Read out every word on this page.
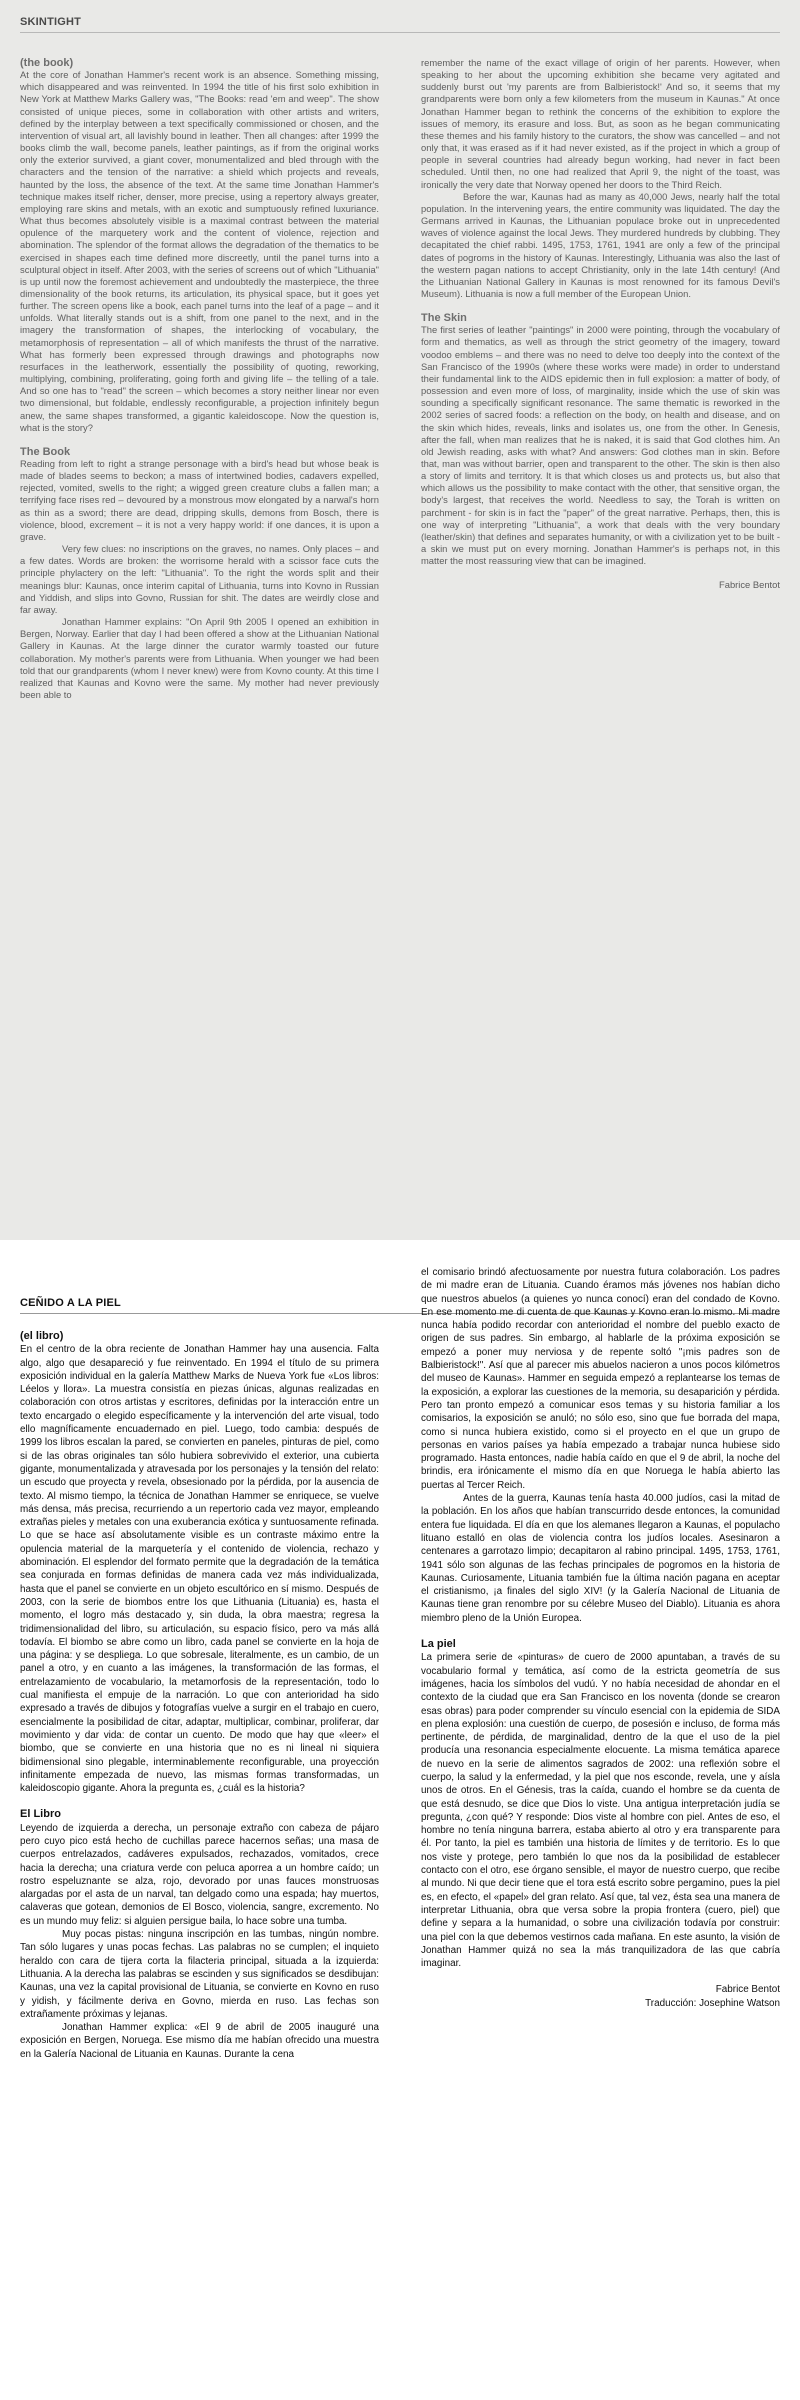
SKINTIGHT
(the book)

At the core of Jonathan Hammer's recent work is an absence. Something missing, which disappeared and was reinvented. In 1994 the title of his first solo exhibition in New York at Matthew Marks Gallery was, "The Books: read 'em and weep". The show consisted of unique pieces, some in collaboration with other artists and writers, defined by the interplay between a text specifically commissioned or chosen, and the intervention of visual art, all lavishly bound in leather. Then all changes: after 1999 the books climb the wall, become panels, leather paintings, as if from the original works only the exterior survived, a giant cover, monumentalized and bled through with the characters and the tension of the narrative: a shield which projects and reveals, haunted by the loss, the absence of the text. At the same time Jonathan Hammer's technique makes itself richer, denser, more precise, using a repertory always greater, employing rare skins and metals, with an exotic and sumptuously refined luxuriance. What thus becomes absolutely visible is a maximal contrast between the material opulence of the marquetery work and the content of violence, rejection and abomination. The splendor of the format allows the degradation of the thematics to be exercised in shapes each time defined more discreetly, until the panel turns into a sculptural object in itself. After 2003, with the series of screens out of which "Lithuania" is up until now the foremost achievement and undoubtedly the masterpiece, the three dimensionality of the book returns, its articulation, its physical space, but it goes yet further. The screen opens like a book, each panel turns into the leaf of a page – and it unfolds. What literally stands out is a shift, from one panel to the next, and in the imagery the transformation of shapes, the interlocking of vocabulary, the metamorphosis of representation – all of which manifests the thrust of the narrative. What has formerly been expressed through drawings and photographs now resurfaces in the leatherwork, essentially the possibility of quoting, reworking, multiplying, combining, proliferating, going forth and giving life – the telling of a tale. And so one has to "read" the screen – which becomes a story neither linear nor even two dimensional, but foldable, endlessly reconfigurable, a projection infinitely begun anew, the same shapes transformed, a gigantic kaleidoscope. Now the question is, what is the story?

The Book

Reading from left to right a strange personage with a bird's head but whose beak is made of blades seems to beckon; a mass of intertwined bodies, cadavers expelled, rejected, vomited, swells to the right; a wigged green creature clubs a fallen man; a terrifying face rises red – devoured by a monstrous mow elongated by a narwal's horn as thin as a sword; there are dead, dripping skulls, demons from Bosch, there is violence, blood, excrement – it is not a very happy world: if one dances, it is upon a grave.

Very few clues: no inscriptions on the graves, no names. Only places – and a few dates. Words are broken: the worrisome herald with a scissor face cuts the principle phylactery on the left: "Lithuania". To the right the words split and their meanings blur: Kaunas, once interim capital of Lithuania, turns into Kovno in Russian and Yiddish, and slips into Govno, Russian for shit. The dates are weirdly close and far away.

Jonathan Hammer explains: "On April 9th 2005 I opened an exhibition in Bergen, Norway. Earlier that day I had been offered a show at the Lithuanian National Gallery in Kaunas. At the large dinner the curator warmly toasted our future collaboration. My mother's parents were from Lithuania. When younger we had been told that our grandparents (whom I never knew) were from Kovno county. At this time I realized that Kaunas and Kovno were the same. My mother had never previously been able to

remember the name of the exact village of origin of her parents. However, when speaking to her about the upcoming exhibition she became very agitated and suddenly burst out 'my parents are from Balbieristock!' And so, it seems that my grandparents were born only a few kilometers from the museum in Kaunas." At once Jonathan Hammer began to rethink the concerns of the exhibition to explore the issues of memory, its erasure and loss. But, as soon as he began communicating these themes and his family history to the curators, the show was cancelled – and not only that, it was erased as if it had never existed, as if the project in which a group of people in several countries had already begun working, had never in fact been scheduled. Until then, no one had realized that April 9, the night of the toast, was ironically the very date that Norway opened her doors to the Third Reich.

Before the war, Kaunas had as many as 40,000 Jews, nearly half the total population. In the intervening years, the entire community was liquidated. The day the Germans arrived in Kaunas, the Lithuanian populace broke out in unprecedented waves of violence against the local Jews. They murdered hundreds by clubbing. They decapitated the chief rabbi. 1495, 1753, 1761, 1941 are only a few of the principal dates of pogroms in the history of Kaunas. Interestingly, Lithuania was also the last of the western pagan nations to accept Christianity, only in the late 14th century! (And the Lithuanian National Gallery in Kaunas is most renowned for its famous Devil's Museum). Lithuania is now a full member of the European Union.

The Skin

The first series of leather "paintings" in 2000 were pointing, through the vocabulary of form and thematics, as well as through the strict geometry of the imagery, toward voodoo emblems – and there was no need to delve too deeply into the context of the San Francisco of the 1990s (where these works were made) in order to understand their fundamental link to the AIDS epidemic then in full explosion: a matter of body, of possession and even more of loss, of marginality, inside which the use of skin was sounding a specifically significant resonance. The same thematic is reworked in the 2002 series of sacred foods: a reflection on the body, on health and disease, and on the skin which hides, reveals, links and isolates us, one from the other. In Genesis, after the fall, when man realizes that he is naked, it is said that God clothes him. An old Jewish reading, asks with what? And answers: God clothes man in skin. Before that, man was without barrier, open and transparent to the other. The skin is then also a story of limits and territory. It is that which closes us and protects us, but also that which allows us the possibility to make contact with the other, that sensitive organ, the body's largest, that receives the world. Needless to say, the Torah is written on parchment - for skin is in fact the "paper" of the great narrative. Perhaps, then, this is one way of interpreting "Lithuania", a work that deals with the very boundary (leather/skin) that defines and separates humanity, or with a civilization yet to be built - a skin we must put on every morning. Jonathan Hammer's is perhaps not, in this matter the most reassuring view that can be imagined.

Fabrice Bentot

CEÑIDO A LA PIEL
(el libro)

En el centro de la obra reciente de Jonathan Hammer hay una ausencia. Falta algo, algo que desapareció y fue reinventado. En 1994 el título de su primera exposición individual en la galería Matthew Marks de Nueva York fue «Los libros: Léelos y llora». La muestra consistía en piezas únicas, algunas realizadas en colaboración con otros artistas y escritores, definidas por la interacción entre un texto encargado o elegido específicamente y la intervención del arte visual, todo ello magníficamente encuadernado en piel. Luego, todo cambia: después de 1999 los libros escalan la pared, se convierten en paneles, pinturas de piel, como si de las obras originales tan sólo hubiera sobrevivido el exterior, una cubierta gigante, monumentalizada y atravesada por los personajes y la tensión del relato: un escudo que proyecta y revela, obsesionado por la pérdida, por la ausencia de texto. Al mismo tiempo, la técnica de Jonathan Hammer se enriquece, se vuelve más densa, más precisa, recurriendo a un repertorio cada vez mayor, empleando extrañas pieles y metales con una exuberancia exótica y suntuosamente refinada. Lo que se hace así absolutamente visible es un contraste máximo entre la opulencia material de la marquetería y el contenido de violencia, rechazo y abominación. El esplendor del formato permite que la degradación de la temática sea conjurada en formas definidas de manera cada vez más individualizada, hasta que el panel se convierte en un objeto escultórico en sí mismo. Después de 2003, con la serie de biombos entre los que Lithuania (Lituania) es, hasta el momento, el logro más destacado y, sin duda, la obra maestra; regresa la tridimensionalidad del libro, su articulación, su espacio físico, pero va más allá todavía. El biombo se abre como un libro, cada panel se convierte en la hoja de una página: y se despliega. Lo que sobresale, literalmente, es un cambio, de un panel a otro, y en cuanto a las imágenes, la transformación de las formas, el entrelazamiento de vocabulario, la metamorfosis de la representación, todo lo cual manifiesta el empuje de la narración. Lo que con anterioridad ha sido expresado a través de dibujos y fotografías vuelve a surgir en el trabajo en cuero, esencialmente la posibilidad de citar, adaptar, multiplicar, combinar, proliferar, dar movimiento y dar vida: de contar un cuento. De modo que hay que «leer» el biombo, que se convierte en una historia que no es ni lineal ni siquiera bidimensional sino plegable, interminablemente reconfigurable, una proyección infinitamente empezada de nuevo, las mismas formas transformadas, un kaleidoscopio gigante. Ahora la pregunta es, ¿cuál es la historia?

El Libro

Leyendo de izquierda a derecha, un personaje extraño con cabeza de pájaro pero cuyo pico está hecho de cuchillas parece hacernos señas; una masa de cuerpos entrelazados, cadáveres expulsados, rechazados, vomitados, crece hacia la derecha; una criatura verde con peluca aporrea a un hombre caído; un rostro espeluznante se alza, rojo, devorado por unas fauces monstruosas alargadas por el asta de un narval, tan delgado como una espada; hay muertos, calaveras que gotean, demonios de El Bosco, violencia, sangre, excremento. No es un mundo muy feliz: si alguien persigue baila, lo hace sobre una tumba.

Muy pocas pistas: ninguna inscripción en las tumbas, ningún nombre. Tan sólo lugares y unas pocas fechas. Las palabras no se cumplen; el inquieto heraldo con cara de tijera corta la filacteria principal, situada a la izquierda: Lithuania. A la derecha las palabras se escinden y sus significados se desdibujan: Kaunas, una vez la capital provisional de Lituania, se convierte en Kovno en ruso y yidish, y fácilmente deriva en Govno, mierda en ruso. Las fechas son extrañamente próximas y lejanas.

Jonathan Hammer explica: «El 9 de abril de 2005 inauguré una exposición en Bergen, Noruega. Ese mismo día me habían ofrecido una muestra en la Galería Nacional de Lituania en Kaunas. Durante la cena

el comisario brindó afectuosamente por nuestra futura colaboración. Los padres de mi madre eran de Lituania. Cuando éramos más jóvenes nos habían dicho que nuestros abuelos (a quienes yo nunca conocí) eran del condado de Kovno. En ese momento me di cuenta de que Kaunas y Kovno eran lo mismo. Mi madre nunca había podido recordar con anterioridad el nombre del pueblo exacto de origen de sus padres. Sin embargo, al hablarle de la próxima exposición se empezó a poner muy nerviosa y de repente soltó "¡mis padres son de Balbieristock!". Así que al parecer mis abuelos nacieron a unos pocos kilómetros del museo de Kaunas». Hammer en seguida empezó a replantearse los temas de la exposición, a explorar las cuestiones de la memoria, su desaparición y pérdida. Pero tan pronto empezó a comunicar esos temas y su historia familiar a los comisarios, la exposición se anuló; no sólo eso, sino que fue borrada del mapa, como si nunca hubiera existido, como si el proyecto en el que un grupo de personas en varios países ya había empezado a trabajar nunca hubiese sido programado. Hasta entonces, nadie había caído en que el 9 de abril, la noche del brindis, era irónicamente el mismo día en que Noruega le había abierto las puertas al Tercer Reich.

Antes de la guerra, Kaunas tenía hasta 40.000 judíos, casi la mitad de la población. En los años que habían transcurrido desde entonces, la comunidad entera fue liquidada. El día en que los alemanes llegaron a Kaunas, el populacho lituano estalló en olas de violencia contra los judíos locales. Asesinaron a centenares a garrotazo limpio; decapitaron al rabino principal. 1495, 1753, 1761, 1941 sólo son algunas de las fechas principales de pogromos en la historia de Kaunas. Curiosamente, Lituania también fue la última nación pagana en aceptar el cristianismo, ¡a finales del siglo XIV! (y la Galería Nacional de Lituania de Kaunas tiene gran renombre por su célebre Museo del Diablo). Lituania es ahora miembro pleno de la Unión Europea.

La piel

La primera serie de «pinturas» de cuero de 2000 apuntaban, a través de su vocabulario formal y temática, así como de la estricta geometría de sus imágenes, hacia los símbolos del vudú. Y no había necesidad de ahondar en el contexto de la ciudad que era San Francisco en los noventa (donde se crearon esas obras) para poder comprender su vínculo esencial con la epidemia de SIDA en plena explosión: una cuestión de cuerpo, de posesión e incluso, de forma más pertinente, de pérdida, de marginalidad, dentro de la que el uso de la piel producía una resonancia especialmente elocuente. La misma temática aparece de nuevo en la serie de alimentos sagrados de 2002: una reflexión sobre el cuerpo, la salud y la enfermedad, y la piel que nos esconde, revela, une y aísla unos de otros. En el Génesis, tras la caída, cuando el hombre se da cuenta de que está desnudo, se dice que Dios lo viste. Una antigua interpretación judía se pregunta, ¿con qué? Y responde: Dios viste al hombre con piel. Antes de eso, el hombre no tenía ninguna barrera, estaba abierto al otro y era transparente para él. Por tanto, la piel es también una historia de límites y de territorio. Es lo que nos viste y protege, pero también lo que nos da la posibilidad de establecer contacto con el otro, ese órgano sensible, el mayor de nuestro cuerpo, que recibe al mundo. Ni que decir tiene que el tora está escrito sobre pergamino, pues la piel es, en efecto, el «papel» del gran relato. Así que, tal vez, ésta sea una manera de interpretar Lithuania, obra que versa sobre la propia frontera (cuero, piel) que define y separa a la humanidad, o sobre una civilización todavía por construir: una piel con la que debemos vestirnos cada mañana. En este asunto, la visión de Jonathan Hammer quizá no sea la más tranquilizadora de las que cabría imaginar.

Fabrice Bentot

Traducción: Josephine Watson
